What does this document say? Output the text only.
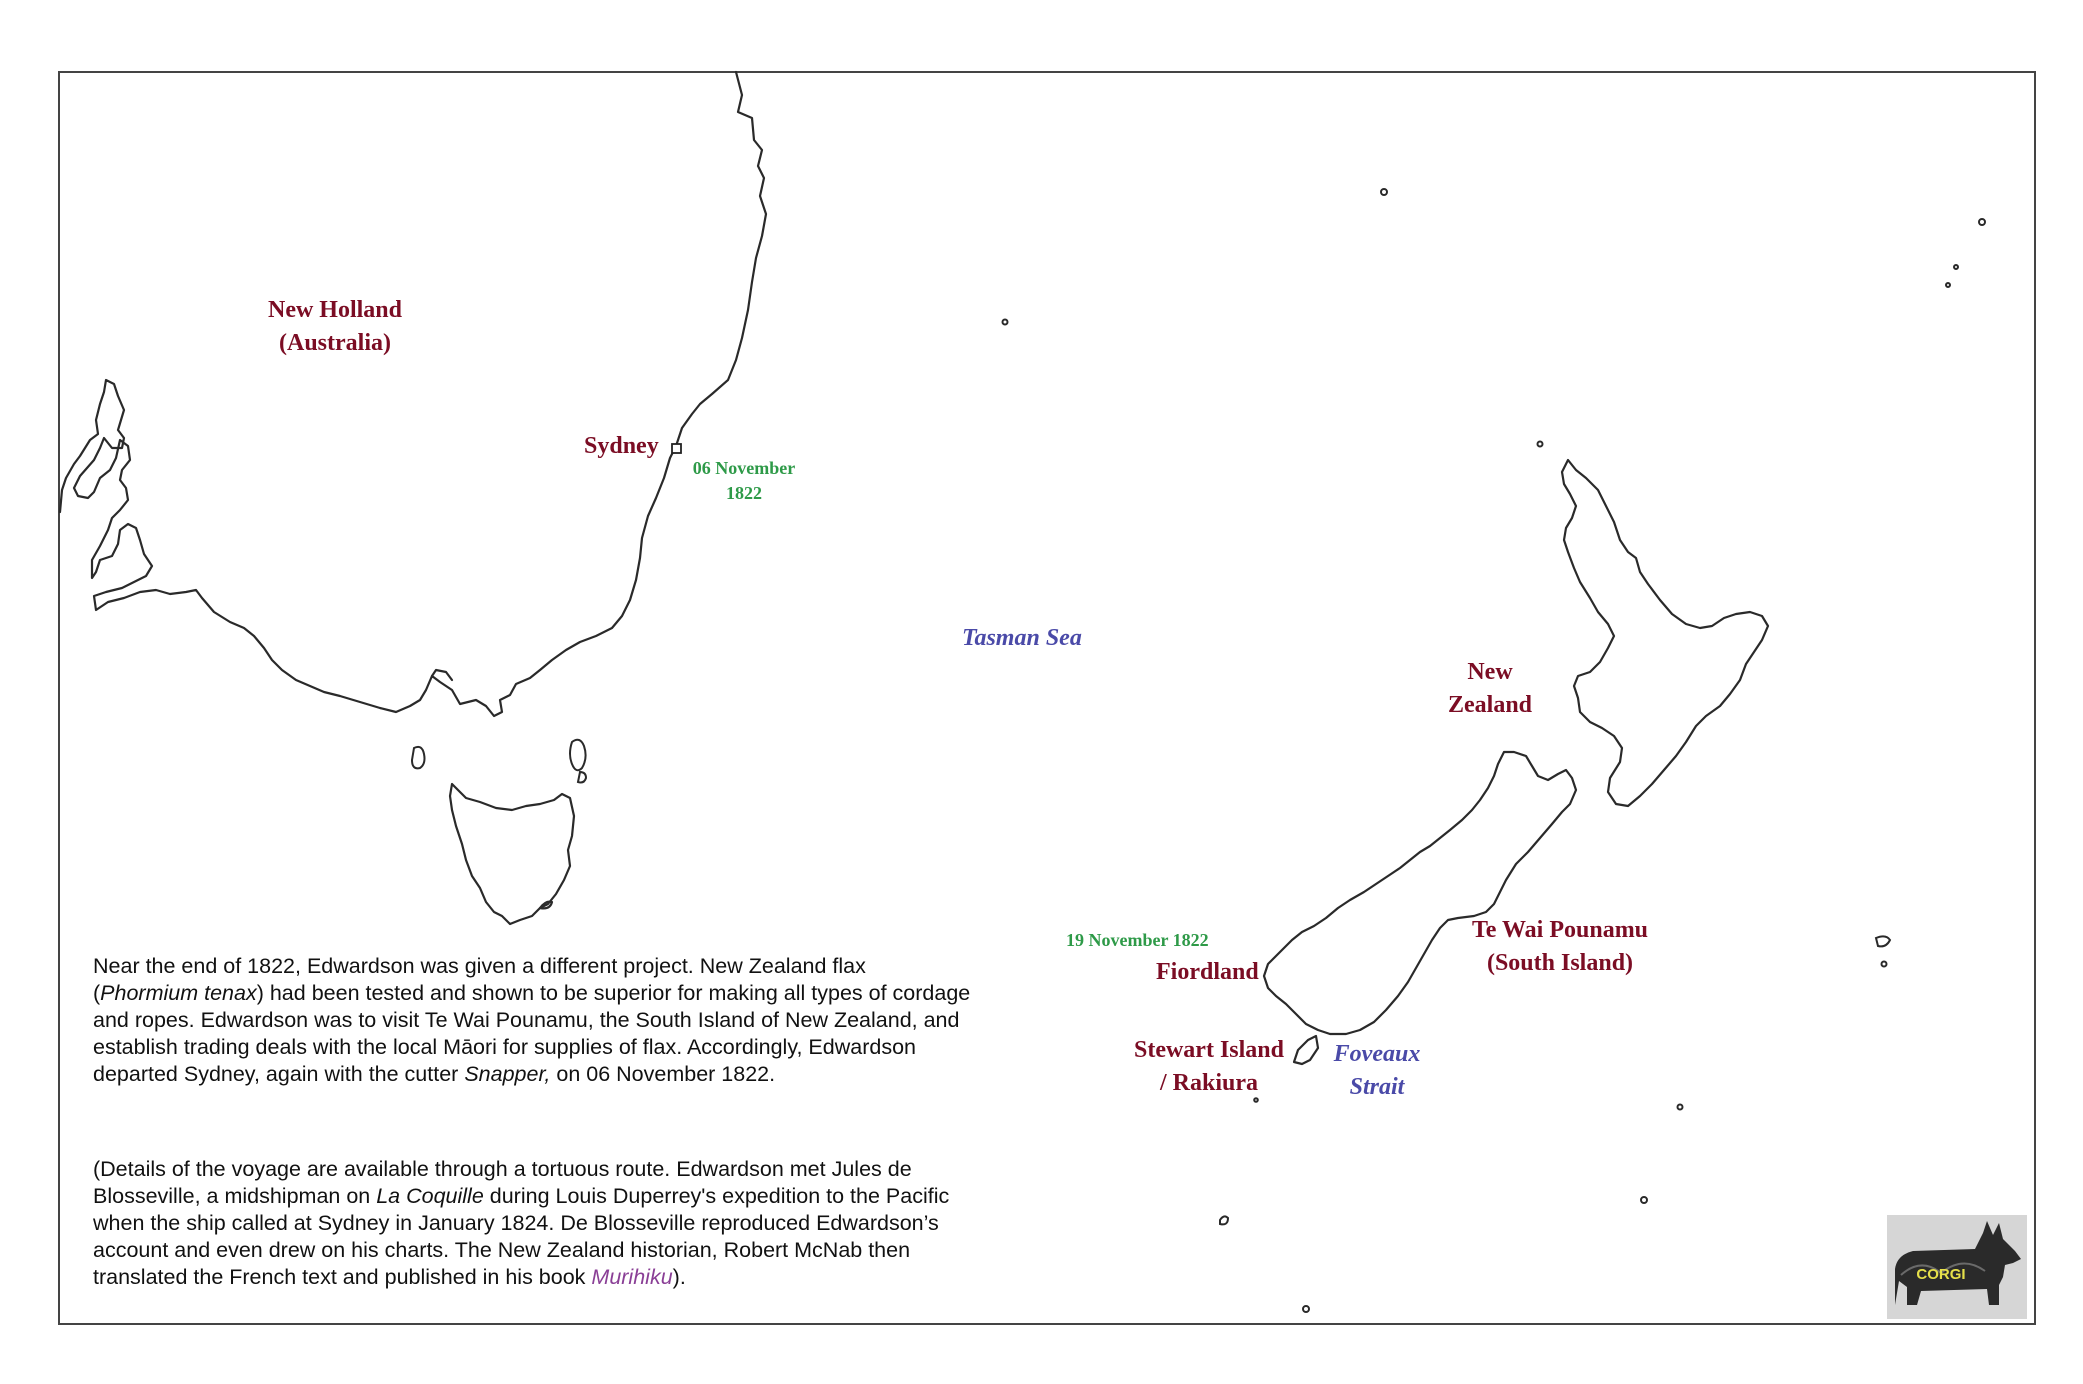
New Holland
(Australia)
Sydney
06 November
1822
Tasman Sea
New
Zealand
Te Wai Pounamu
(South Island)
19 November 1822
Fiordland
Stewart Island
/ Rakiura
Foveaux
Strait

Near the end of 1822, Edwardson was given a different project. New Zealand flax (Phormium tenax) had been tested and shown to be superior for making all types of cordage and ropes. Edwardson was to visit Te Wai Pounamu, the South Island of New Zealand, and establish trading deals with the local Māori for supplies of flax. Accordingly, Edwardson departed Sydney, again with the cutter Snapper, on 06 November 1822.

(Details of the voyage are available through a tortuous route. Edwardson met Jules de Blosseville, a midshipman on La Coquille during Louis Duperrey's expedition to the Pacific when the ship called at Sydney in January 1824. De Blosseville reproduced Edwardson’s account and even drew on his charts. The New Zealand historian, Robert McNab then translated the French text and published in his book Murihiku).	CORGI
